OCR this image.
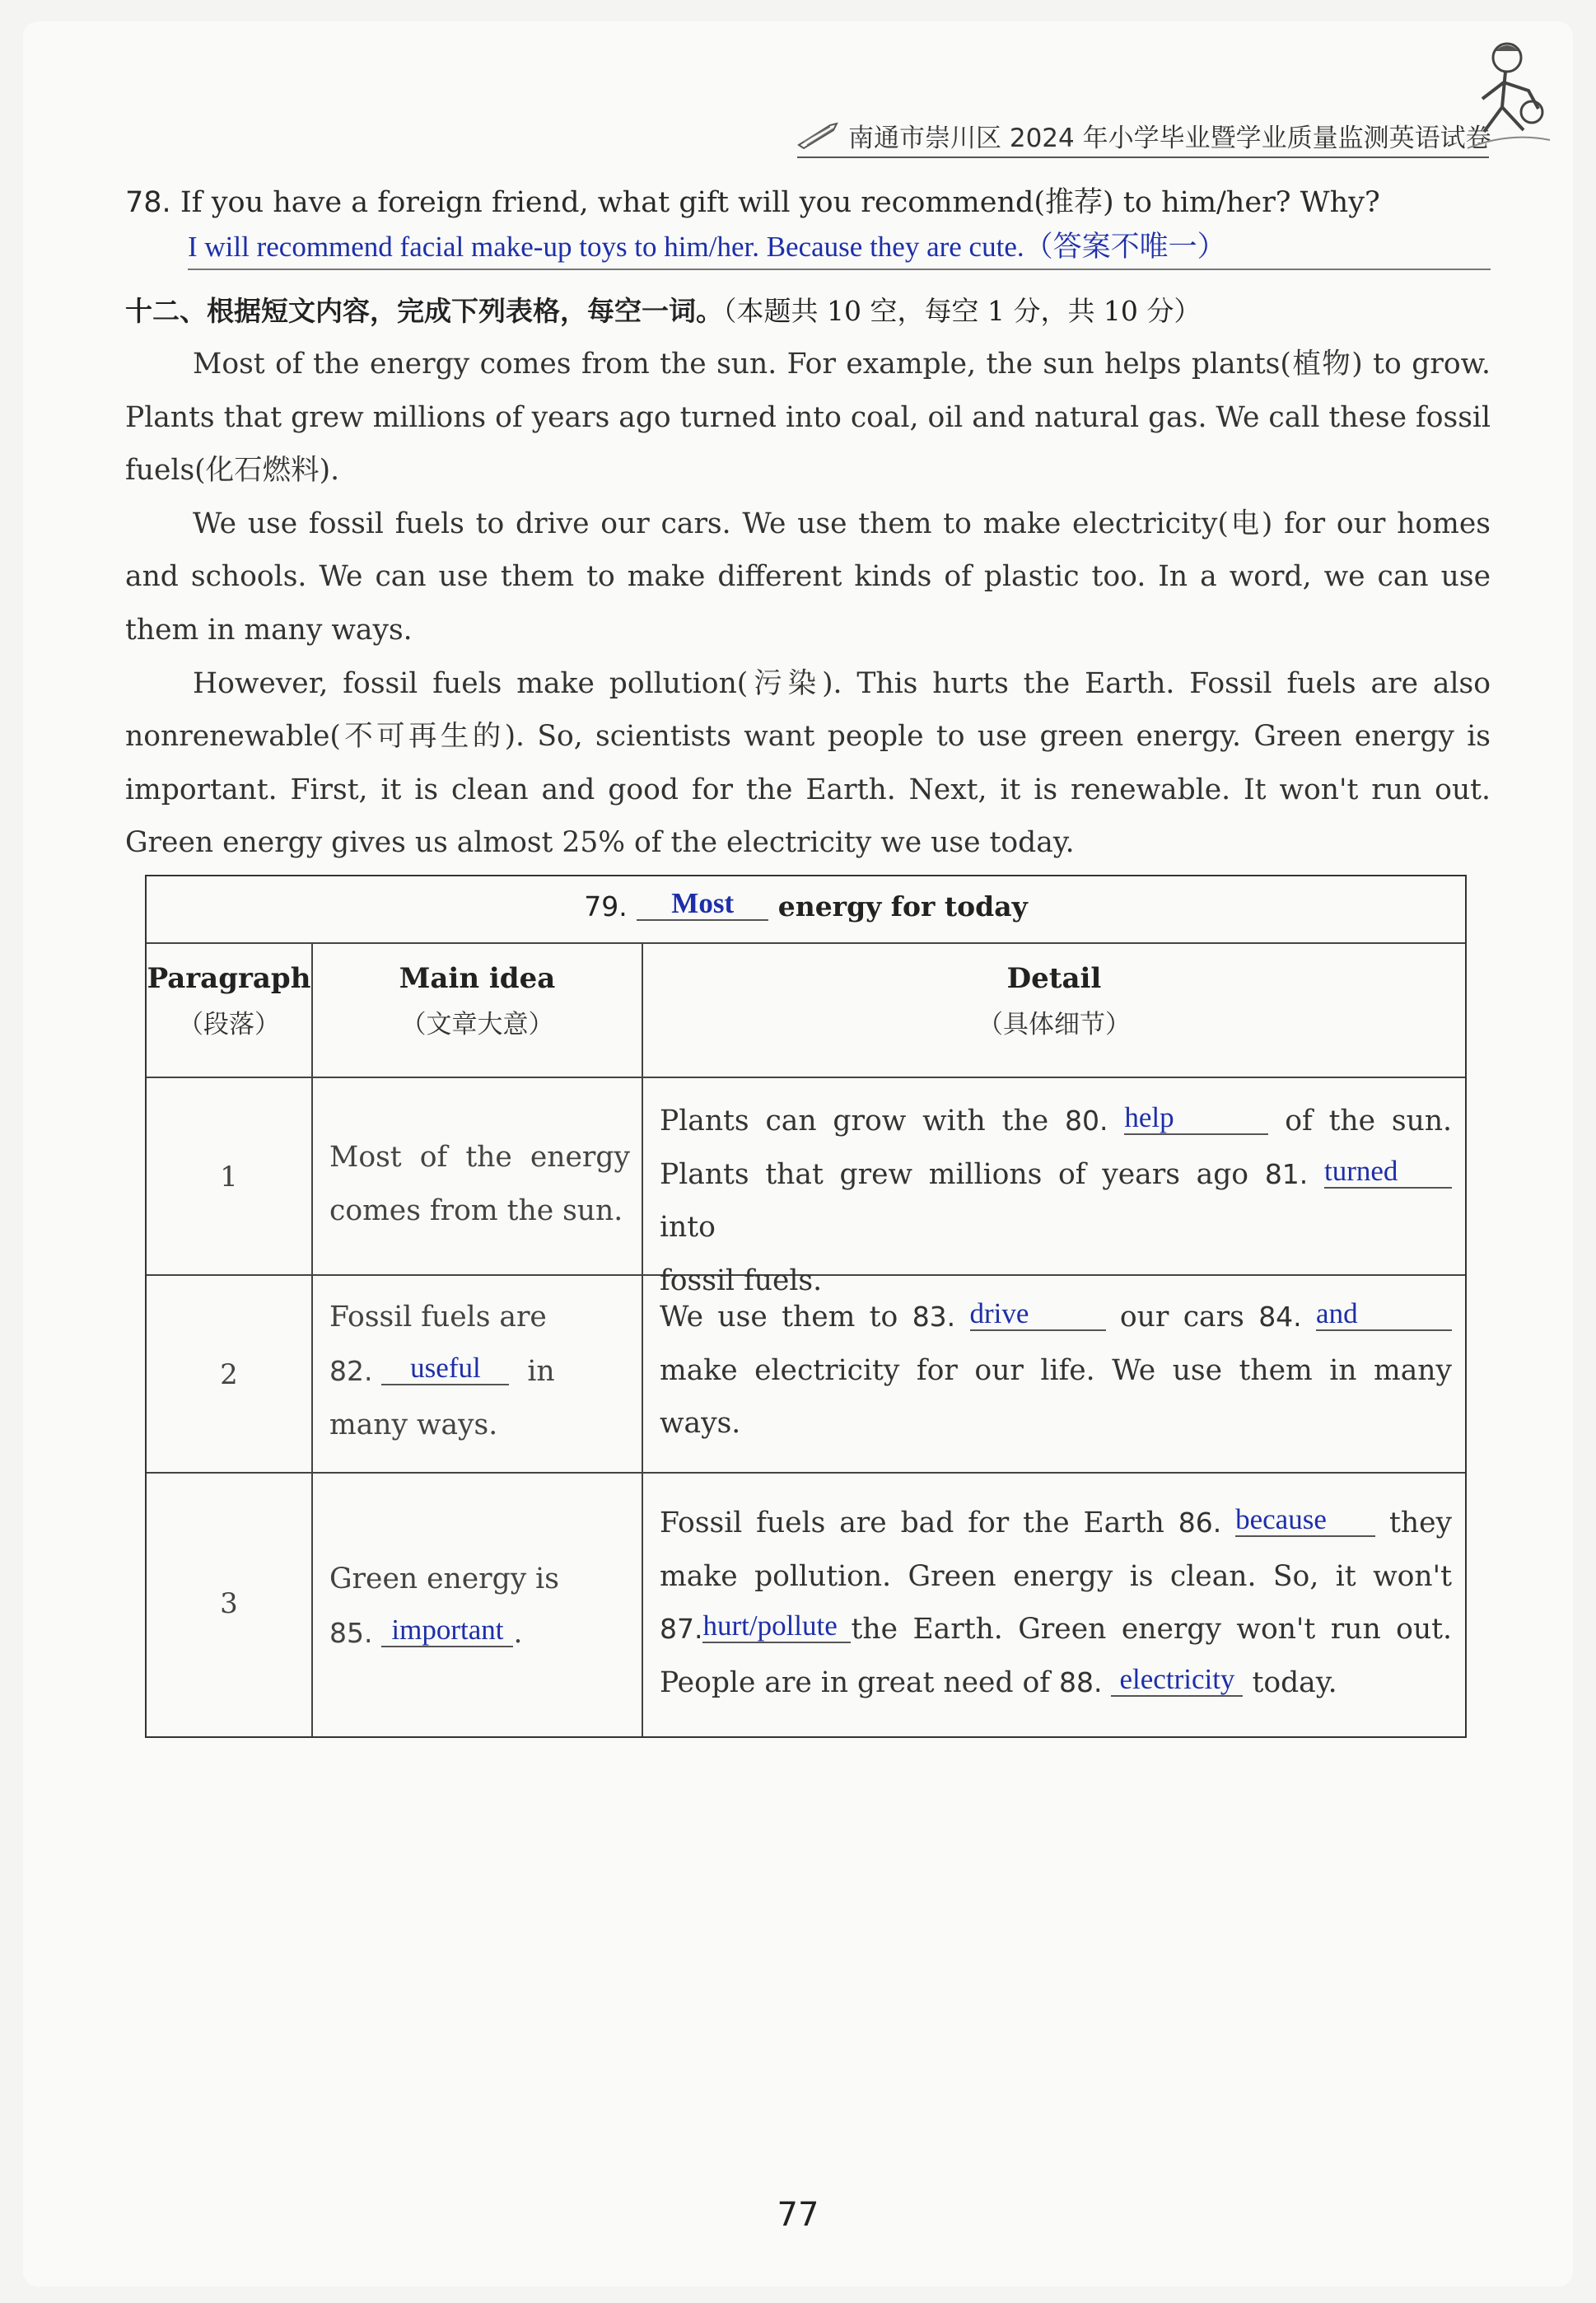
南通市崇川区 2024 年小学毕业暨学业质量监测英语试卷
78. If you have a foreign friend, what gift will you recommend(推荐) to him/her? Why?
I will recommend facial make-up toys to him/her. Because they are cute.（答案不唯一）
十二、根据短文内容，完成下列表格，每空一词。（本题共 10 空，每空 1 分，共 10 分）

Most of the energy comes from the sun. For example, the sun helps plants(植物) to grow. Plants that grew millions of years ago turned into coal, oil and natural gas. We call these fossil fuels(化石燃料).

We use fossil fuels to drive our cars. We use them to make electricity(电) for our homes and schools. We can use them to make different kinds of plastic too. In a word, we can use them in many ways.

However, fossil fuels make pollution(污染). This hurts the Earth. Fossil fuels are also nonrenewable(不可再生的). So, scientists want people to use green energy. Green energy is important. First, it is clean and good for the Earth. Next, it is renewable. It won't run out. Green energy gives us almost 25% of the electricity we use today.

79. Most energy for today
Paragraph
（段落）
Main idea
（文章大意）
Detail
（具体细节）
1
Most of the energy comes from the sun.
Plants can grow with the 80. help	of the sun.
Plants that grew millions of years ago 81. turned into
fossil fuels.
2
Fossil fuels are
82. useful in
many ways.
We use them to 83. drive	our cars 84. and
make electricity for our life. We use them in many
ways.
3
Green energy is
85. important .
Fossil fuels are bad for the Earth 86. because they
make pollution. Green energy is clean. So, it won't
87.hurt/pollute the Earth. Green energy won't run out.
People are in great need of 88. electricity today.
77
